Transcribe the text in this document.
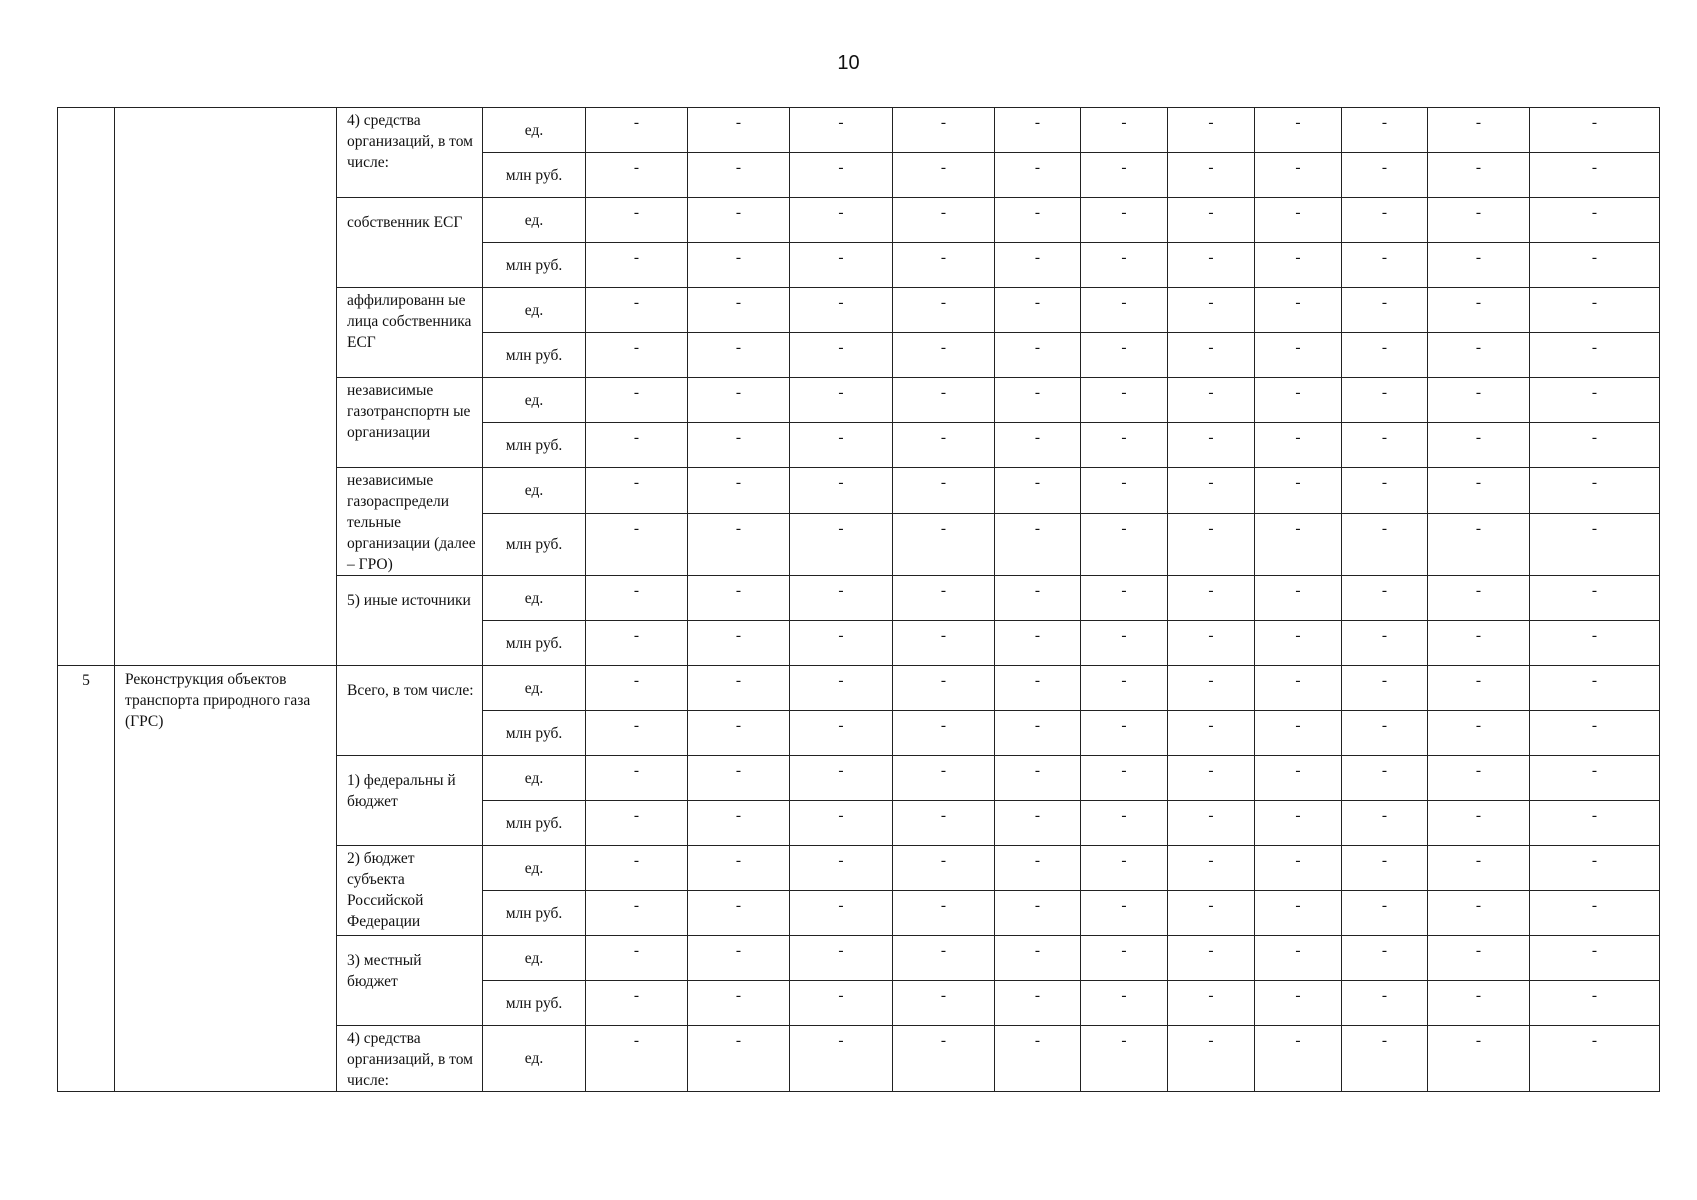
10
		4) средства организаций, в том числе:	ед.	-	-	-	-	-	-	-	-	-	-	-
			млн руб.	-	-	-	-	-	-	-	-	-	-	-
		собственник ЕСГ	ед.	-	-	-	-	-	-	-	-	-	-	-
			млн руб.	-	-	-	-	-	-	-	-	-	-	-
		аффилированн ые лица собственника ЕСГ	ед.	-	-	-	-	-	-	-	-	-	-	-
			млн руб.	-	-	-	-	-	-	-	-	-	-	-
		независимые газотранспортн ые организации	ед.	-	-	-	-	-	-	-	-	-	-	-
			млн руб.	-	-	-	-	-	-	-	-	-	-	-
		независимые газораспредели тельные организации (далее – ГРО)	ед.	-	-	-	-	-	-	-	-	-	-	-
			млн руб.	-	-	-	-	-	-	-	-	-	-	-
		5) иные источники	ед.	-	-	-	-	-	-	-	-	-	-	-
			млн руб.	-	-	-	-	-	-	-	-	-	-	-
5	Реконструкция объектов транспорта природного газа (ГРС)	Всего, в том числе:	ед.	-	-	-	-	-	-	-	-	-	-	-
			млн руб.	-	-	-	-	-	-	-	-	-	-	-
		1) федеральны й бюджет	ед.	-	-	-	-	-	-	-	-	-	-	-
			млн руб.	-	-	-	-	-	-	-	-	-	-	-
		2) бюджет субъекта Российской Федерации	ед.	-	-	-	-	-	-	-	-	-	-	-
			млн руб.	-	-	-	-	-	-	-	-	-	-	-
		3) местный бюджет	ед.	-	-	-	-	-	-	-	-	-	-	-
			млн руб.	-	-	-	-	-	-	-	-	-	-	-
		4) средства организаций, в том числе:	ед.	-	-	-	-	-	-	-	-	-	-	-
